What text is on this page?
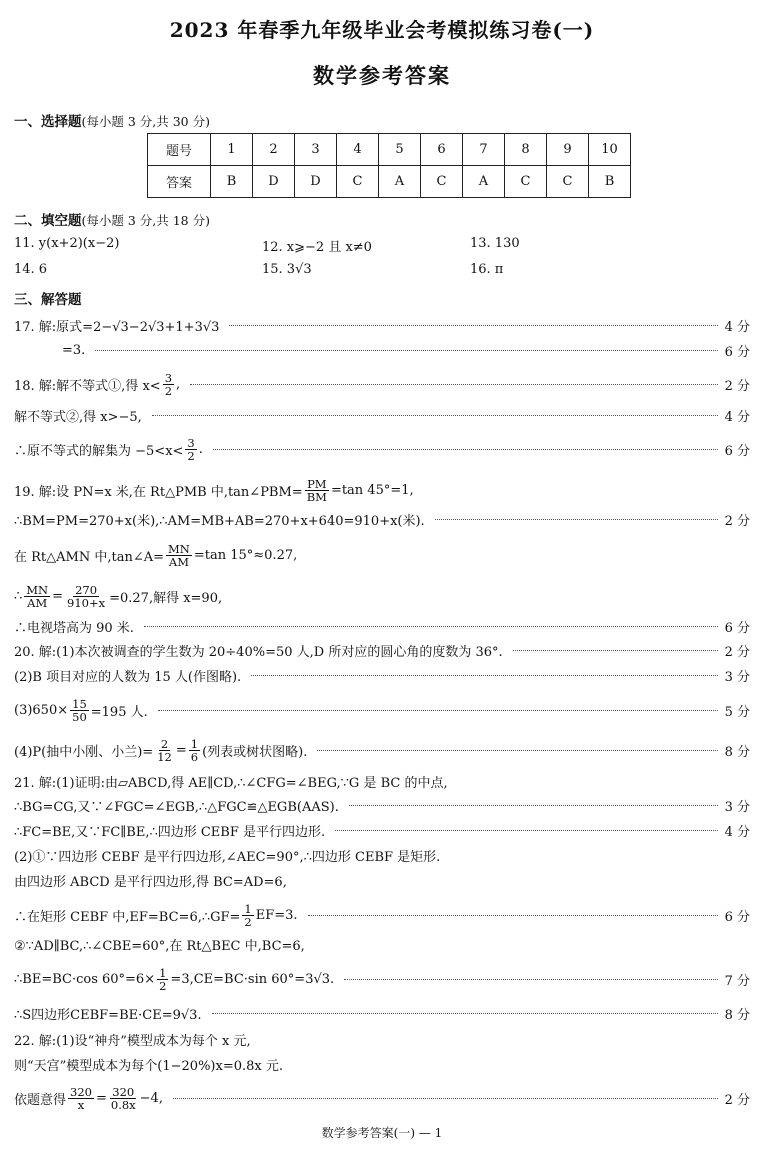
2023 年春季九年级毕业会考模拟练习卷(一)
数学参考答案
一、选择题(每小题 3 分,共 30 分)
题号	1	2	3	4	5	6	7	8	9	10
答案	B	D	D	C	A	C	A	C	C	B
二、填空题(每小题 3 分,共 18 分)
11. y(x+2)(x−2)	12. x⩾−2 且 x≠0	13. 130
14. 6	15. 3√3	16. π
三、解答题
17. 解:原式=2−√3−2√3+1+3√3	4 分
=3.	6 分
18. 解:解不等式①,得 $x< \frac{3}{2}$ ,	2 分
解不等式②,得 x>−5,	4 分
∴原不等式的解集为 $-5<x< \frac{3}{2}$ .	6 分
19. 解:设 PN=x 米,在 Rt△PMB 中,tan∠PBM= $\frac{PM}{BM} =\tan$ 45°=1,
∴BM=PM=270+x(米),∴AM=MB+AB=270+x+640=910+x(米).	2 分
在 Rt△AMN 中,tan∠A= $\frac{MN}{AM} =\tan$ 15°≈0.27,
∴ $\frac{MN}{AM} = \frac{270}{910+x} =0.27$,解得 x=90,
∴电视塔高为 90 米.	6 分
20. 解:(1)本次被调查的学生数为 20÷40%=50 人,D 所对应的圆心角的度数为 36°.	2 分
(2)B 项目对应的人数为 15 人(作图略).	3 分
$(3)650\times \frac{15}{50} =195$ 人.	5 分
(4)P(抽中小刚、小兰)= $\frac{2}{12} = \frac{1}{6}$ (列表或树状图略).	8 分
21. 解:(1)证明:由▱ABCD,得 AE∥CD,∴∠CFG=∠BEG,∵G 是 BC 的中点,
∴BG=CG,又∵∠FGC=∠EGB,∴△FGC≌△EGB(AAS).	3 分
∴FC=BE,又∵FC∥BE,∴四边形 CEBF 是平行四边形.	4 分
(2)①∵四边形 CEBF 是平行四边形,∠AEC=90°,∴四边形 CEBF 是矩形.
由四边形 ABCD 是平行四边形,得 BC=AD=6,
∴在矩形 CEBF 中,EF=BC=6,∴GF= $\frac{1}{2} EF=3$.	6 分
②∵AD∥BC,∴∠CBE=60°,在 Rt△BEC 中,BC=6,
∴BE=BC·cos $60^\circ=6\times \frac{1}{2} =3,CE=BC\cdot\sin$ 60°=3√3.	7 分
∴S四边形CEBF=BE·CE=9√3.	8 分
22. 解:(1)设“神舟”模型成本为每个 x 元,
则“天宫”模型成本为每个(1−20%)x=0.8x 元.
依题意得 $\frac{320}{x} = \frac{320}{0.8x} -4$,	2 分
数学参考答案(一) — 1
